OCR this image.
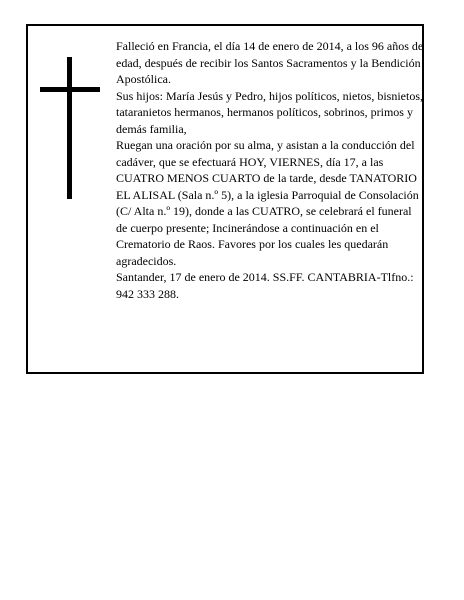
Falleció en Francia, el día 14 de enero de 2014, a los 96 años de edad, después de recibir los Santos Sacramentos y la Bendición Apostólica.

Sus hijos: María Jesús y Pedro, hijos políticos, nietos, bisnietos, tataranietos hermanos, hermanos políticos, sobrinos, primos y demás familia,

Ruegan una oración por su alma, y asistan a la conducción del cadáver, que se efectuará HOY, VIERNES, día 17, a las CUATRO MENOS CUARTO de la tarde, desde TANATORIO EL ALISAL (Sala n.º 5), a la iglesia Parroquial de Consolación (C/ Alta n.º 19), donde a las CUATRO, se celebrará el funeral de cuerpo presente; Incinerándose a continuación en el Crematorio de Raos. Favores por los cuales les quedarán agradecidos.

Santander, 17 de enero de 2014. SS.FF. CANTABRIA-Tlfno.: 942 333 288.
